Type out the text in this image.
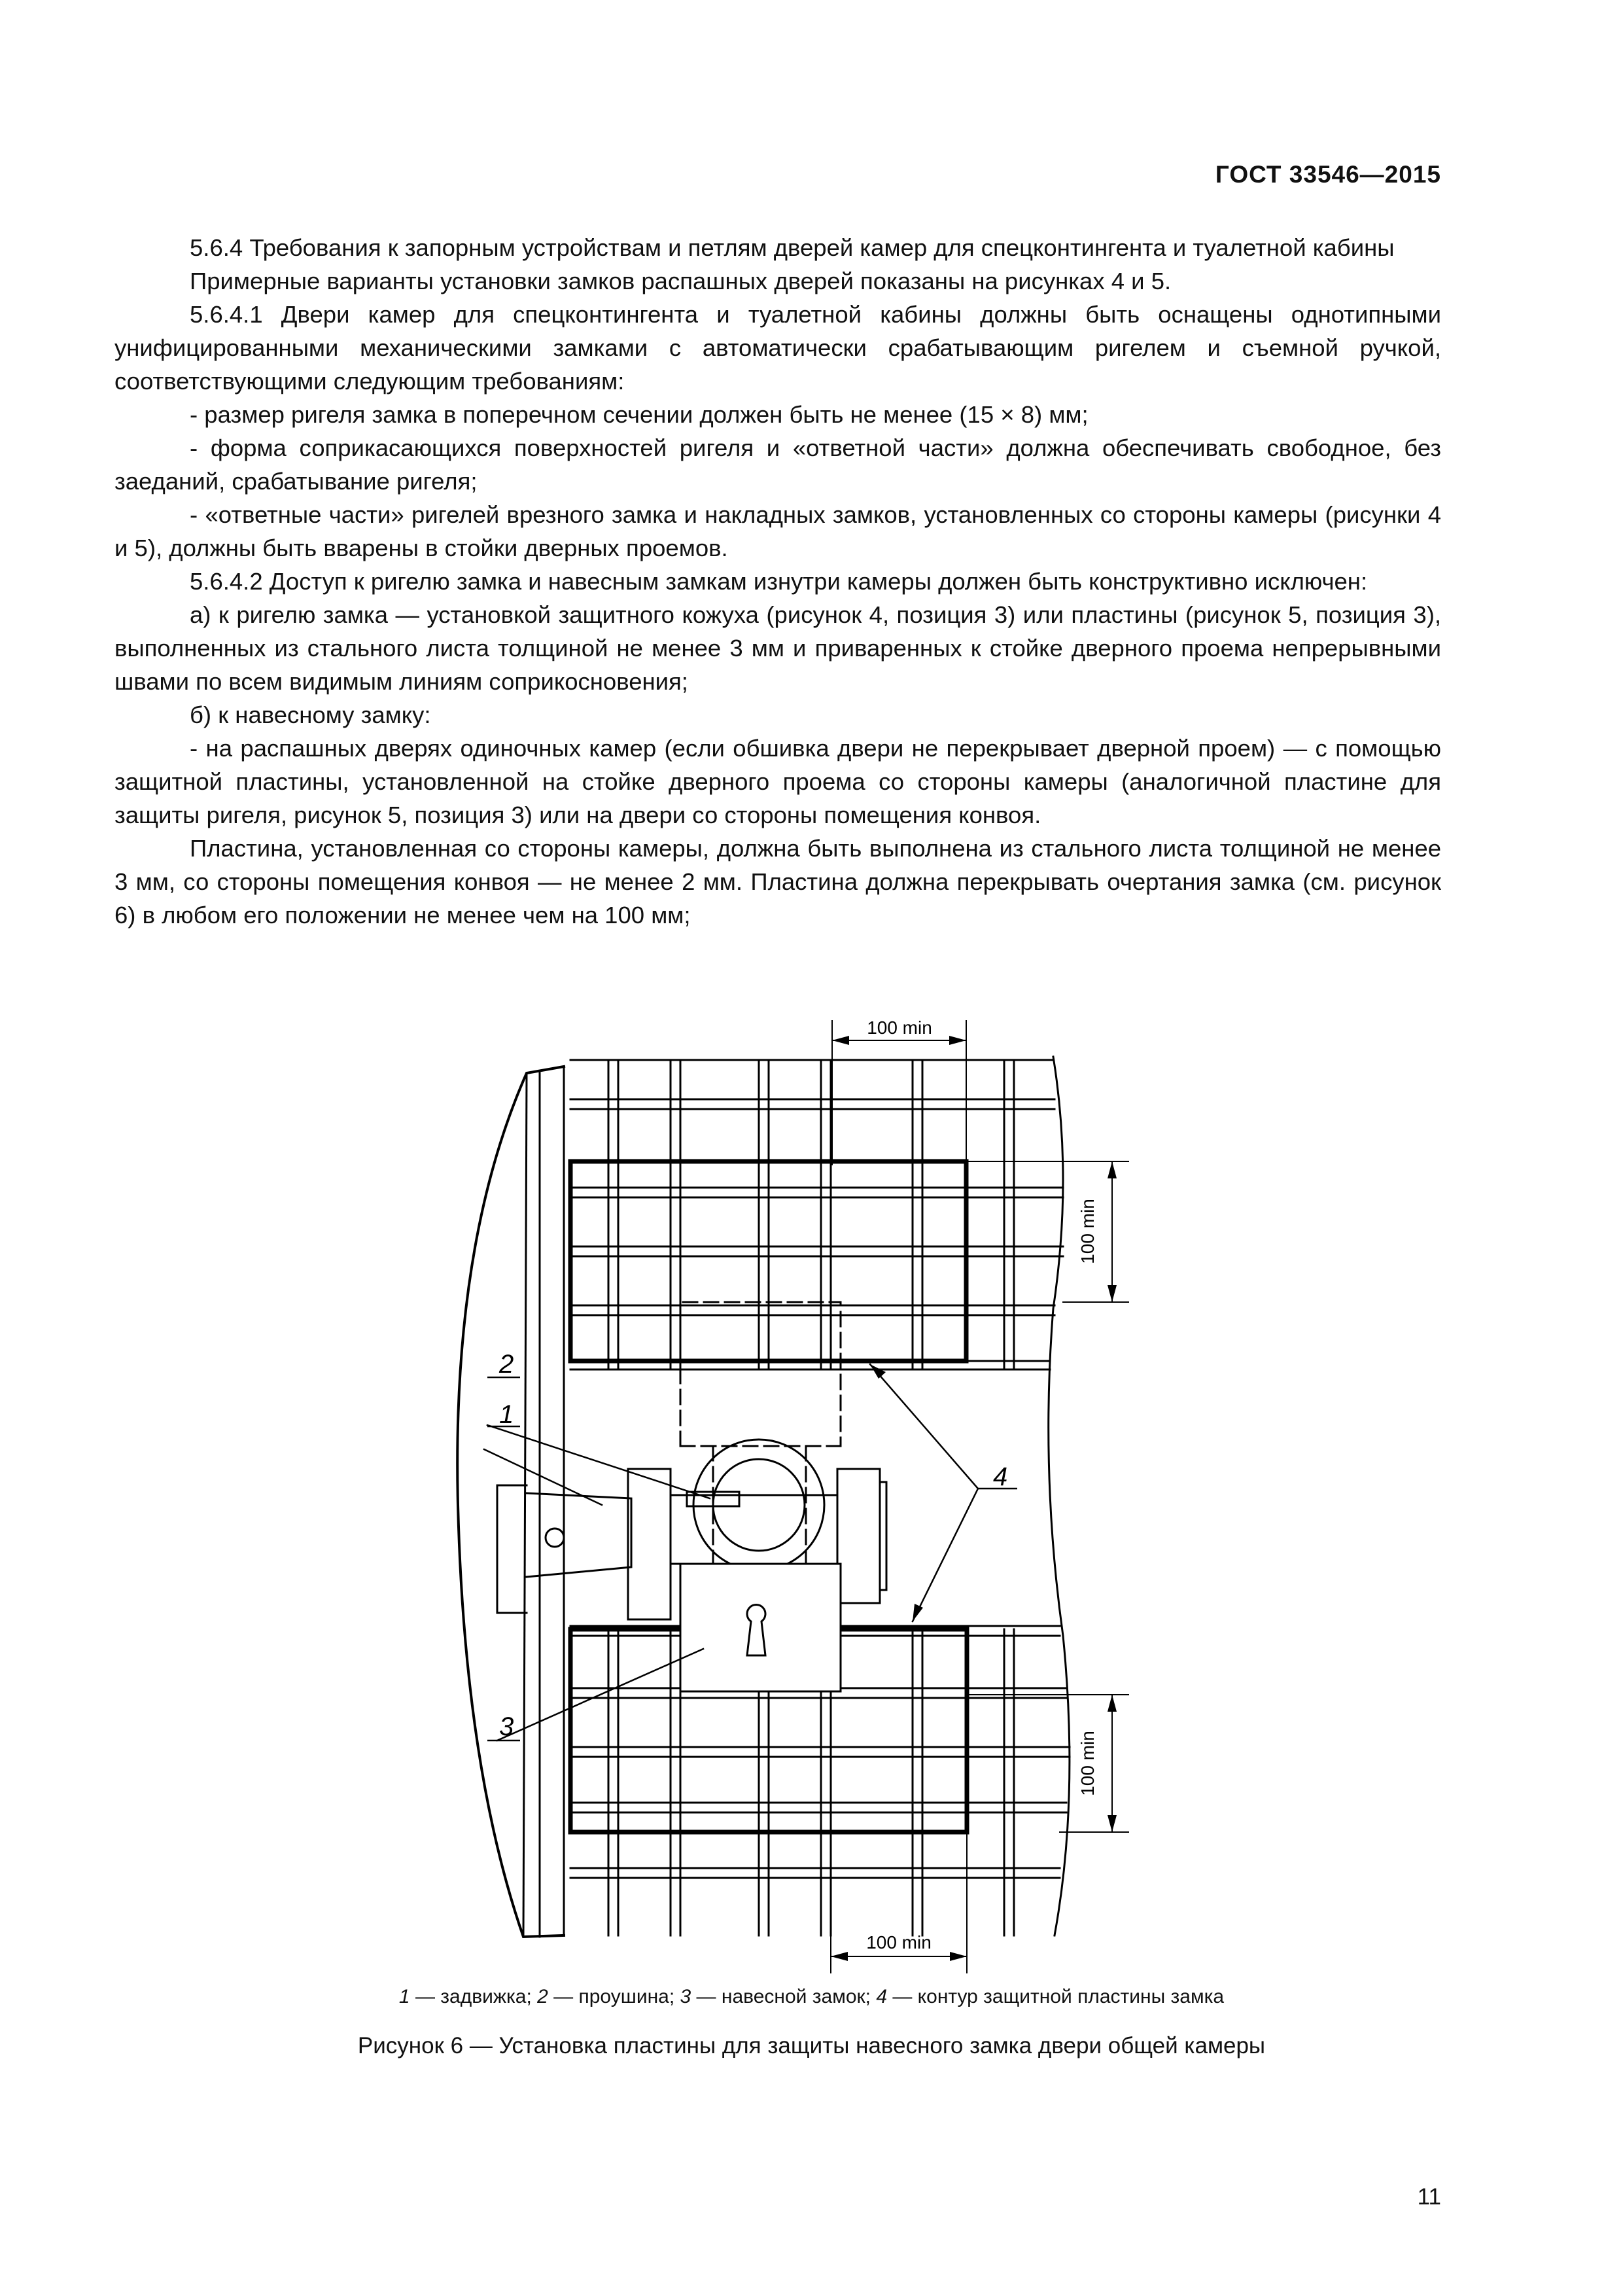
ГОСТ 33546—2015

5.6.4 Требования к запорным устройствам и петлям дверей камер для спецконтингента и туалетной кабины

Примерные варианты установки замков распашных дверей показаны на рисунках 4 и 5.

5.6.4.1 Двери камер для спецконтингента и туалетной кабины должны быть оснащены однотипными унифицированными механическими замками с автоматически срабатывающим ригелем и съемной ручкой, соответствующими следующим требованиям:

- размер ригеля замка в поперечном сечении должен быть не менее (15 × 8) мм;

- форма соприкасающихся поверхностей ригеля и «ответной части» должна обеспечивать свободное, без заеданий, срабатывание ригеля;

- «ответные части» ригелей врезного замка и накладных замков, установленных со стороны камеры (рисунки 4 и 5), должны быть вварены в стойки дверных проемов.

5.6.4.2 Доступ к ригелю замка и навесным замкам изнутри камеры должен быть конструктивно исключен:

а) к ригелю замка — установкой защитного кожуха (рисунок 4, позиция 3) или пластины (рисунок 5, позиция 3), выполненных из стального листа толщиной не менее 3 мм и приваренных к стойке дверного проема непрерывными швами по всем видимым линиям соприкосновения;

б) к навесному замку:

- на распашных дверях одиночных камер (если обшивка двери не перекрывает дверной проем) — с помощью защитной пластины, установленной на стойке дверного проема со стороны камеры (аналогичной пластине для защиты ригеля, рисунок 5, позиция 3) или на двери со стороны помещения конвоя.

Пластина, установленная со стороны камеры, должна быть выполнена из стального листа толщиной не менее 3 мм, со стороны помещения конвоя — не менее 2 мм. Пластина должна перекрывать очертания замка (см. рисунок 6) в любом его положении не менее чем на 100 мм;

100 min
100 min
100 min
100 min
1
2
3
4
1 — задвижка; 2 — проушина; 3 — навесной замок; 4 — контур защитной пластины замка
Рисунок 6 — Установка пластины для защиты навесного замка двери общей камеры
11
